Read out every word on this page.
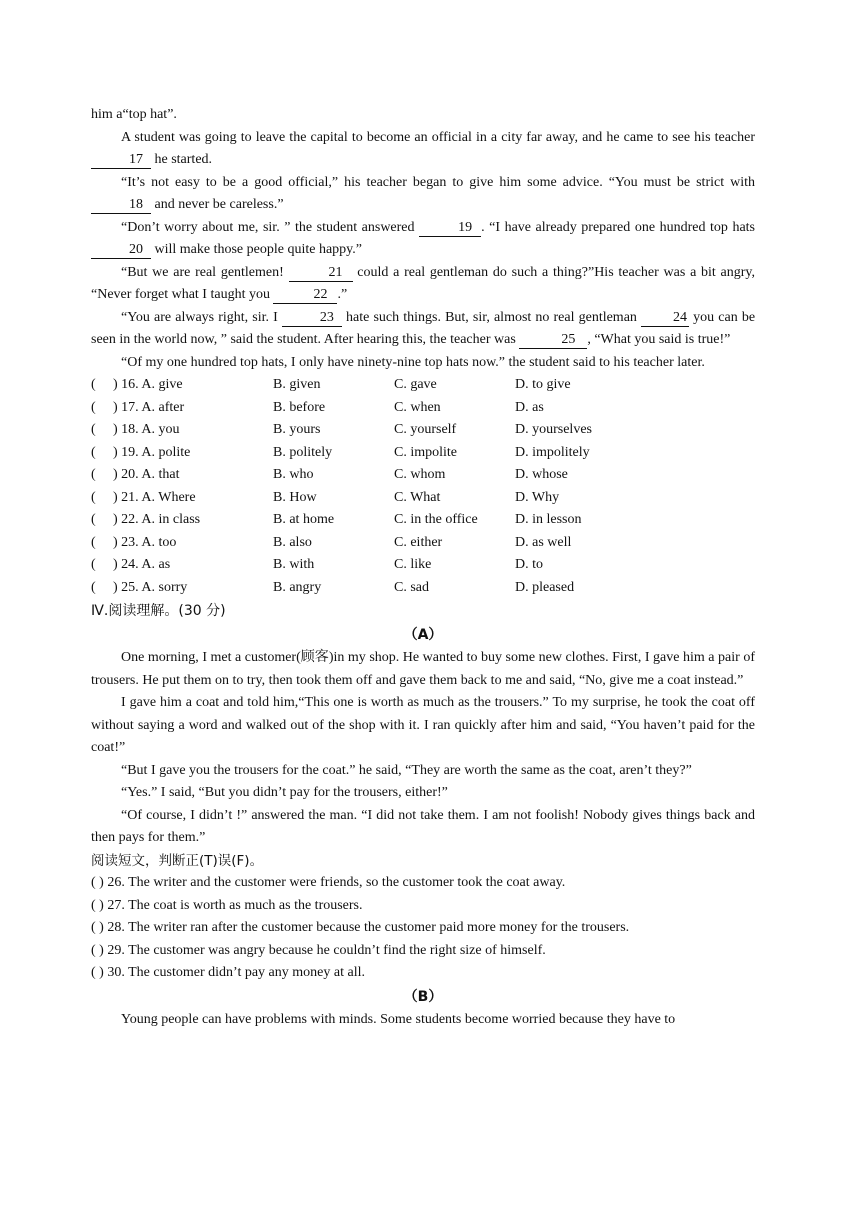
him a“top hat”.

A student was going to leave the capital to become an official in a city far away, and he came to see his teacher 17 he started.

“It’s not easy to be a good official,” his teacher began to give him some advice. “You must be strict with 18 and never be careless.”

“Don’t worry about me, sir. ” the student answered	19 . “I have already prepared one hundred top hats 20 will make those people quite happy.”

“But we are real gentlemen!	21 could a real gentleman do such a thing?”His teacher was a bit angry, “Never forget what I taught you	22 .”

“You are always right, sir. I	23 hate such things. But, sir, almost no real gentleman	24 you can be seen in the world now, ” said the student. After hearing this, the teacher was	25 , “What you said is true!”

“Of my one hundred top hats, I only have ninety-nine top hats now.” the student said to his teacher later.

( ) 16. A. give	B. given	C. gave	D. to give
( ) 17. A. after	B. before	C. when	D. as
( ) 18. A. you	B. yours	C. yourself	D. yourselves
( ) 19. A. polite	B. politely	C. impolite	D. impolitely
( ) 20. A. that	B. who	C. whom	D. whose
( ) 21. A. Where	B. How	C. What	D. Why
( ) 22. A. in class	B. at home	C. in the office	D. in lesson
( ) 23. A. too	B. also	C. either	D. as well
( ) 24. A. as	B. with	C. like	D. to
( ) 25. A. sorry	B. angry	C. sad	D. pleased
Ⅳ.阅读理解。(30 分)
（A）

One morning, I met a customer(顾客)in my shop. He wanted to buy some new clothes. First, I gave him a pair of trousers. He put them on to try, then took them off and gave them back to me and said, “No, give me a coat instead.”

I gave him a coat and told him,“This one is worth as much as the trousers.” To my surprise, he took the coat off without saying a word and walked out of the shop with it. I ran quickly after him and said, “You haven’t paid for the coat!”

“But I gave you the trousers for the coat.” he said, “They are worth the same as the coat, aren’t they?”

“Yes.” I said, “But you didn’t pay for the trousers, either!”

“Of course, I didn’t !” answered the man. “I did not take them. I am not foolish! Nobody gives things back and then pays for them.”

阅读短文，判断正(T)误(F)。

( ) 26. The writer and the customer were friends, so the customer took the coat away.
( ) 27. The coat is worth as much as the trousers.
( ) 28. The writer ran after the customer because the customer paid more money for the trousers.
( ) 29. The customer was angry because he couldn’t find the right size of himself.
( ) 30. The customer didn’t pay any money at all.
（B）

Young people can have problems with minds. Some students become worried because they have to
